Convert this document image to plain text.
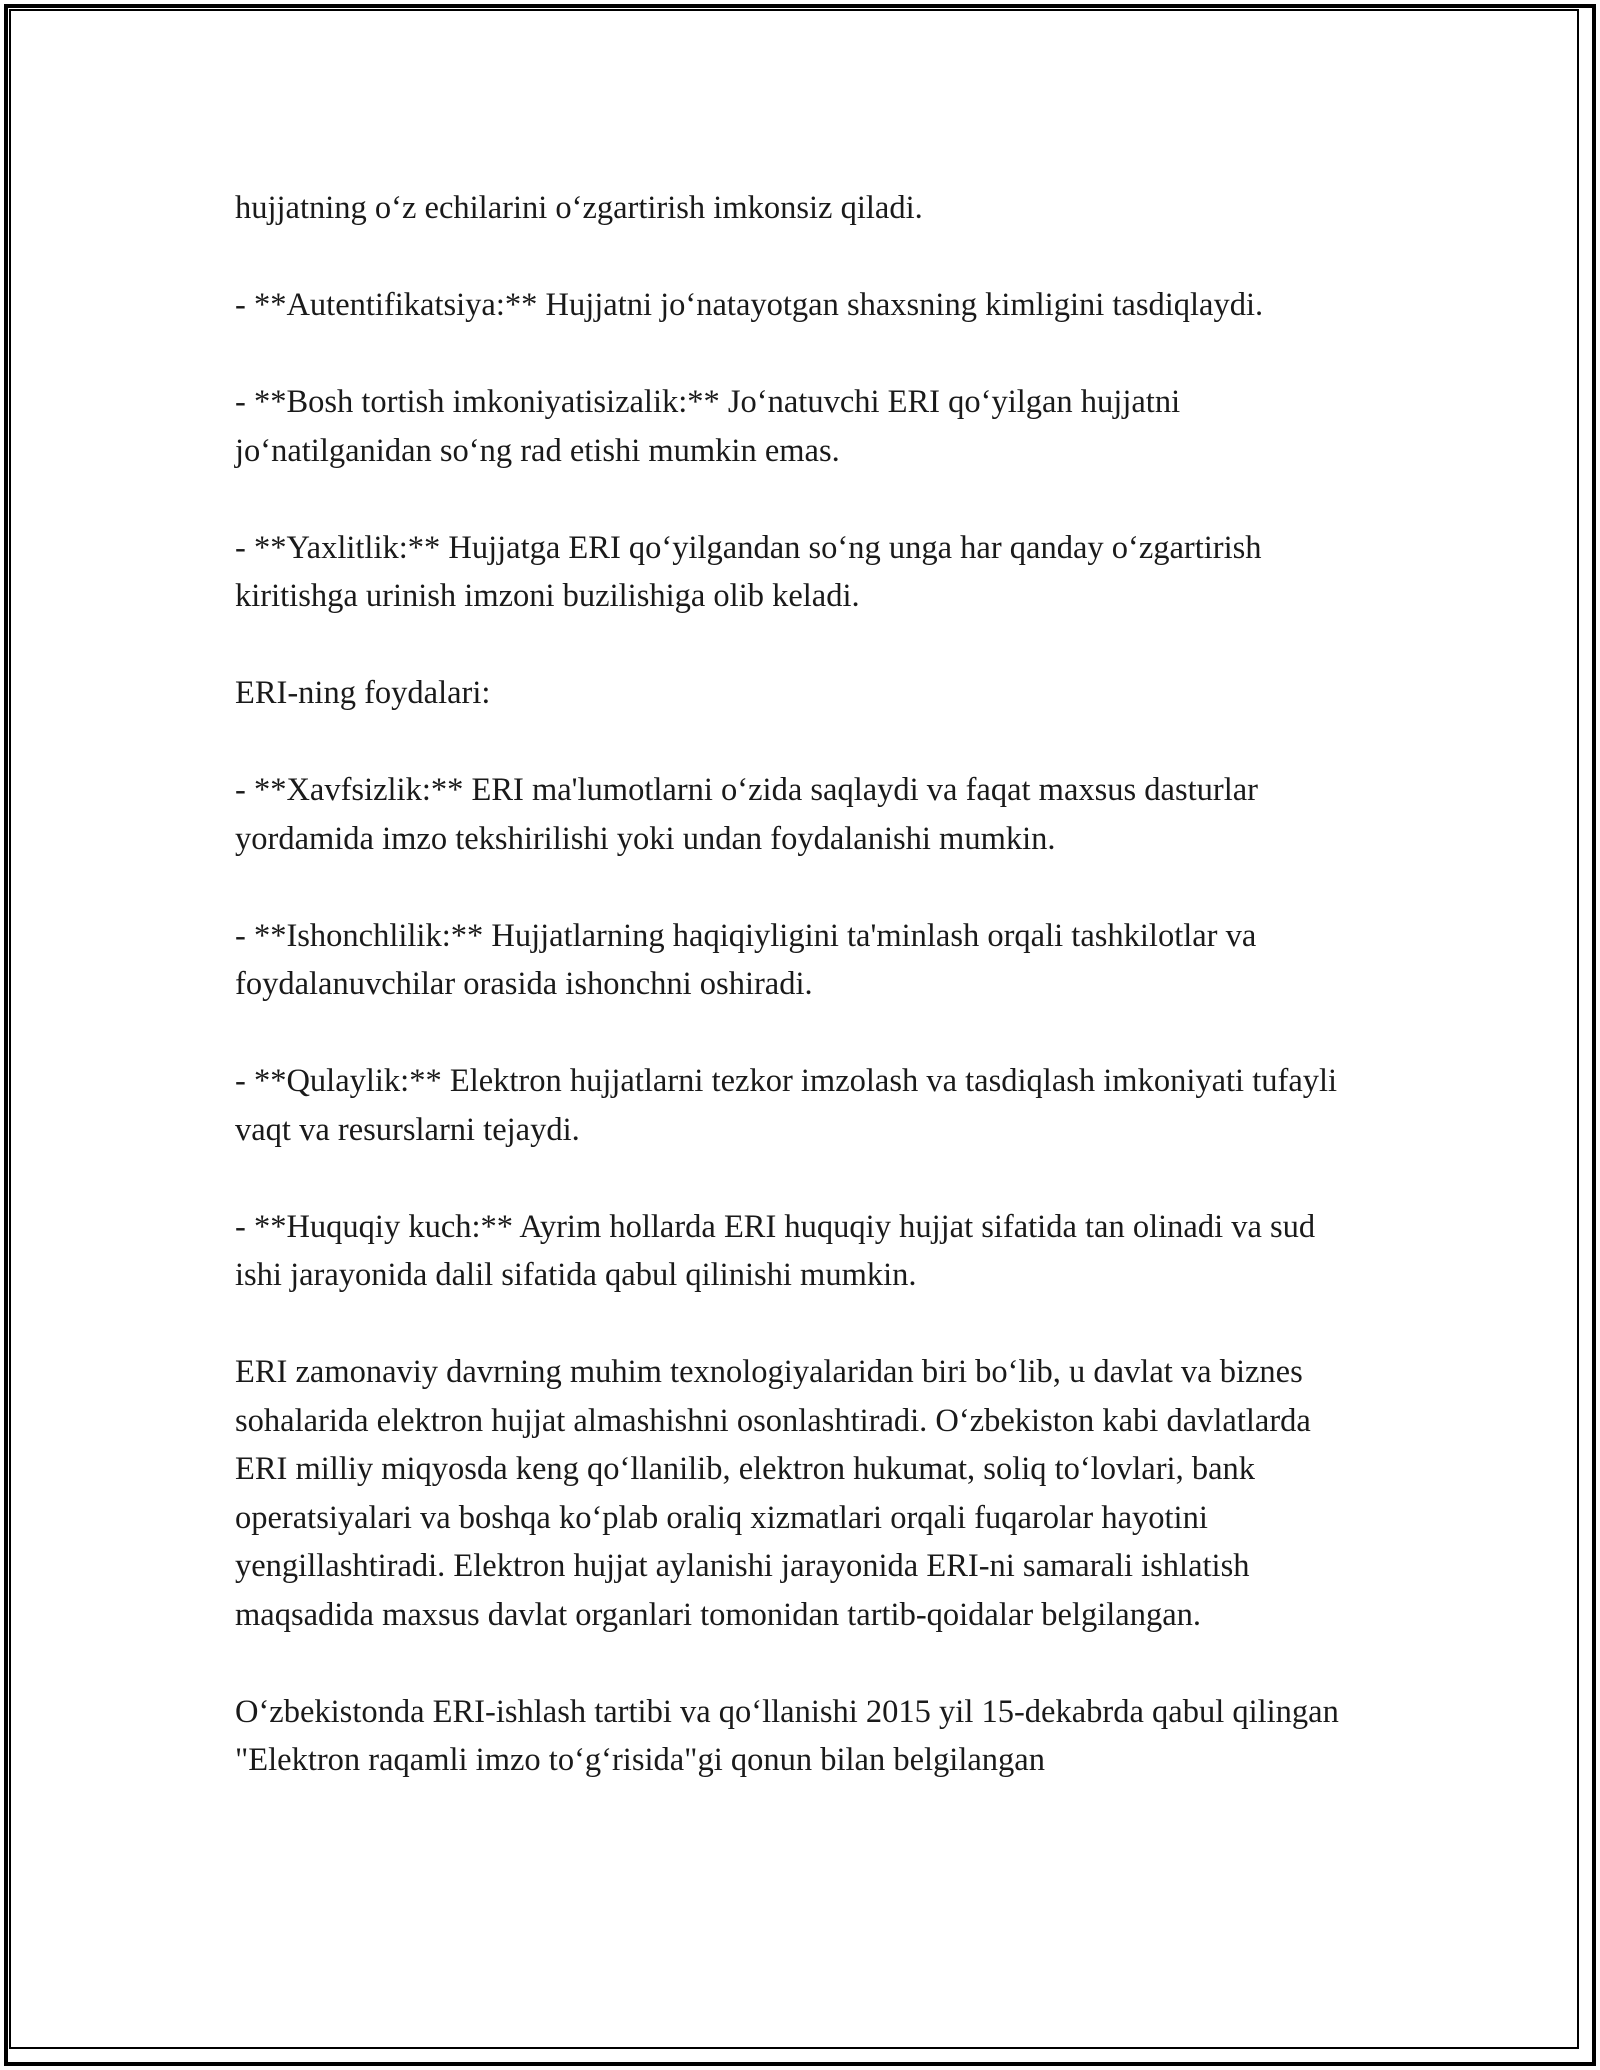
hujjatning o‘z echilarini o‘zgartirish imkonsiz qiladi.

- **Autentifikatsiya:** Hujjatni jo‘natayotgan shaxsning kimligini tasdiqlaydi.

- **Bosh tortish imkoniyatisizalik:** Jo‘natuvchi ERI qo‘yilgan hujjatni jo‘natilganidan so‘ng rad etishi mumkin emas.

- **Yaxlitlik:** Hujjatga ERI qo‘yilgandan so‘ng unga har qanday o‘zgartirish kiritishga urinish imzoni buzilishiga olib keladi.

ERI-ning foydalari:

- **Xavfsizlik:** ERI ma'lumotlarni o‘zida saqlaydi va faqat maxsus dasturlar yordamida imzo tekshirilishi yoki undan foydalanishi mumkin.

- **Ishonchlilik:** Hujjatlarning haqiqiyligini ta'minlash orqali tashkilotlar va foydalanuvchilar orasida ishonchni oshiradi.

- **Qulaylik:** Elektron hujjatlarni tezkor imzolash va tasdiqlash imkoniyati tufayli vaqt va resurslarni tejaydi.

- **Huquqiy kuch:** Ayrim hollarda ERI huquqiy hujjat sifatida tan olinadi va sud ishi jarayonida dalil sifatida qabul qilinishi mumkin.

ERI zamonaviy davrning muhim texnologiyalaridan biri bo‘lib, u davlat va biznes sohalarida elektron hujjat almashishni osonlashtiradi. O‘zbekiston kabi davlatlarda ERI milliy miqyosda keng qo‘llanilib, elektron hukumat, soliq to‘lovlari, bank operatsiyalari va boshqa ko‘plab oraliq xizmatlari orqali fuqarolar hayotini yengillashtiradi. Elektron hujjat aylanishi jarayonida ERI-ni samarali ishlatish maqsadida maxsus davlat organlari tomonidan tartib-qoidalar belgilangan.

O‘zbekistonda ERI-ishlash tartibi va qo‘llanishi 2015 yil 15-dekabrda qabul qilingan "Elektron raqamli imzo to‘g‘risida"gi qonun bilan belgilangan
